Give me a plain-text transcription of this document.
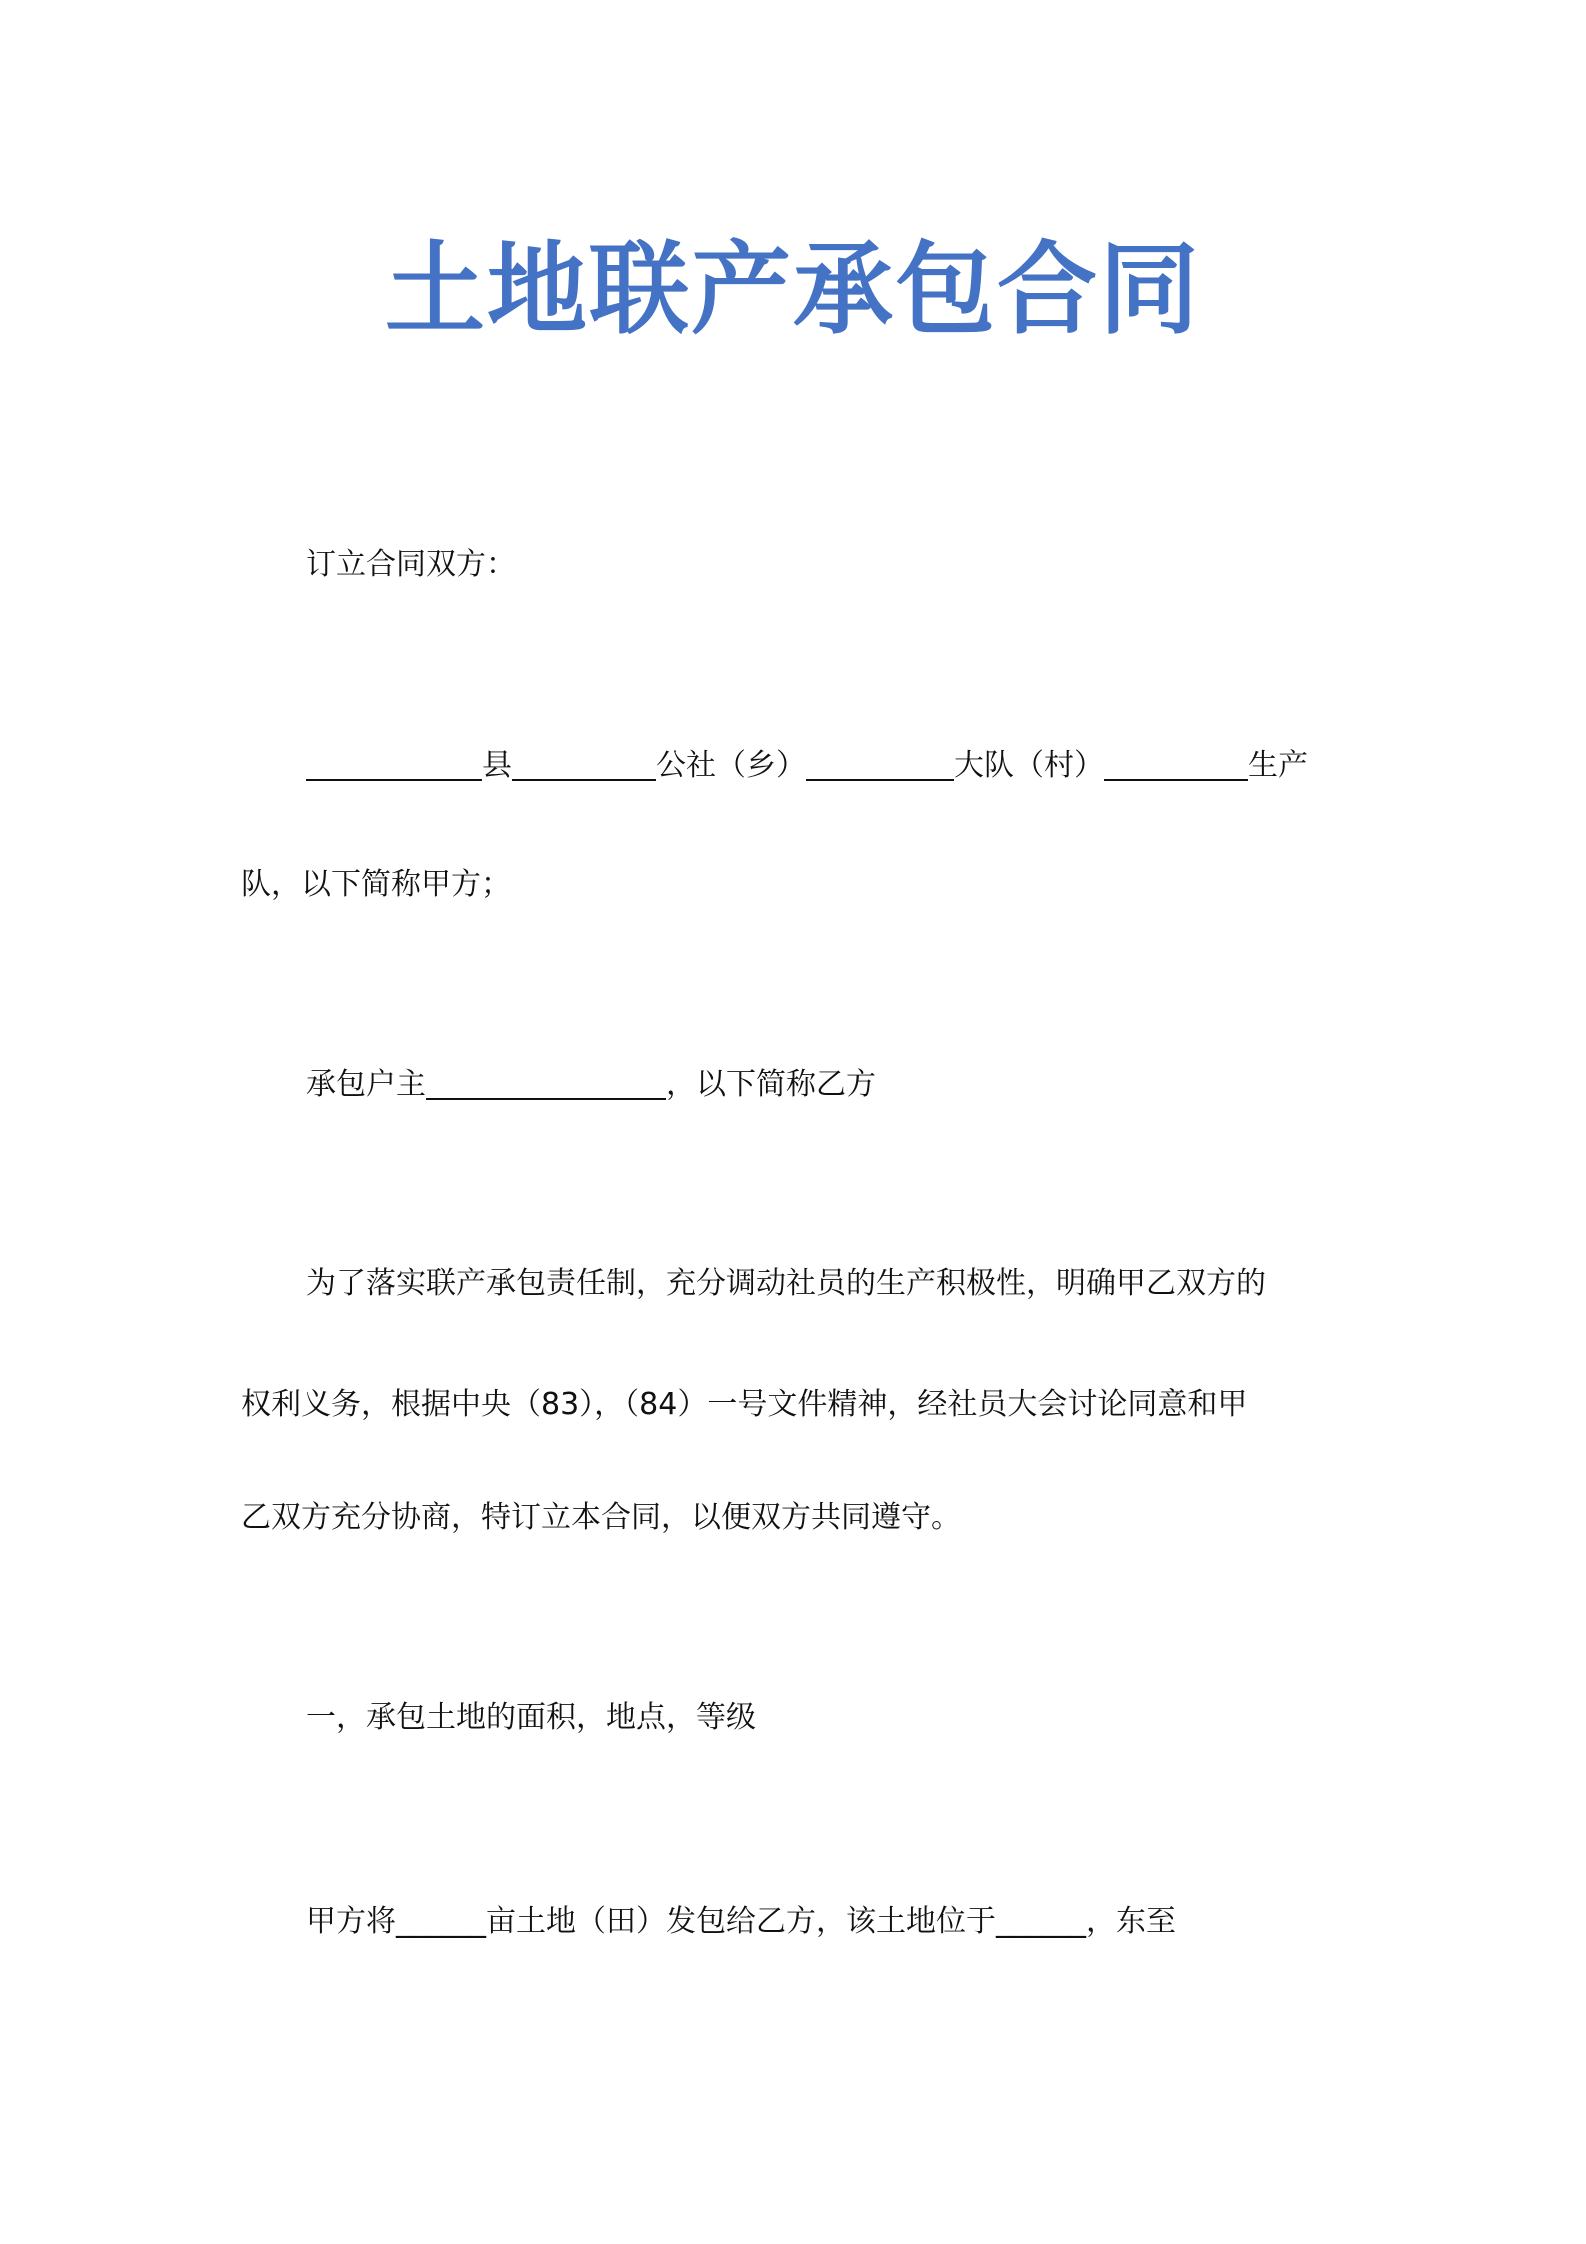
土地联产承包合同
订立合同双方：
县	公社（乡）	大队（村）	生产
队，以下简称甲方；
承包户主	，以下简称乙方
为了落实联产承包责任制，充分调动社员的生产积极性，明确甲乙双方的
权利义务，根据中央（83），（84）一号文件精神，经社员大会讨论同意和甲
乙双方充分协商，特订立本合同，以便双方共同遵守。
一，承包土地的面积，地点，等级
甲方将______亩土地（田）发包给乙方，该土地位于______，东至
